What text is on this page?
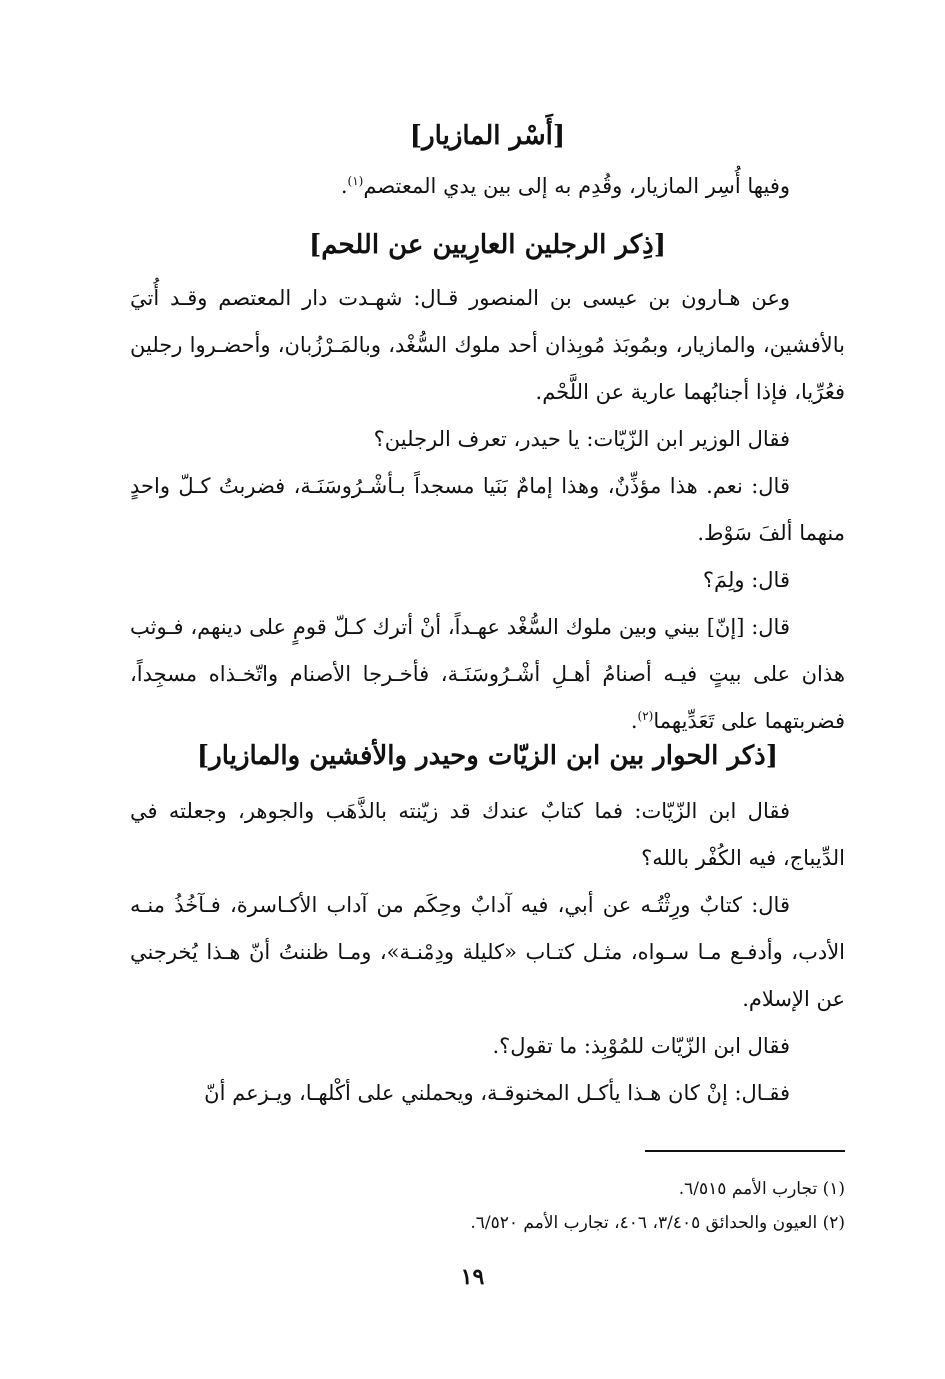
[أَسْر المازيار]
وفيها أُسِر المازيار، وقُدِم به إلى بين يدي المعتصم$^{(١)}$.
[ذِكر الرجلين العارِيين عن اللحم]
وعن هـارون بن عيسى بن المنصور قـال: شهـدت دار المعتصم وقـد أُتيَ بالأفشين، والمازيار، وبمُوبَذ مُوبِذان أحد ملوك السُّغْد، وبالمَـرْزُبان، وأحضـروا رجلين فعُرِّيا، فإذا أجنابُهما عارية عن اللَّحْم.
فقال الوزير ابن الزّيّات: يا حيدر، تعرف الرجلين؟
قال: نعم. هذا مؤذِّنٌ، وهذا إمامٌ بَنَيا مسجداً بـأشْـرُوسَنَـة، فضربتُ كـلّ واحدٍ منهما ألفَ سَوْط.
قال: ولِمَ؟
قال: [إنّ] بيني وبين ملوك السُّغْد عهـداً، أنْ أترك كـلّ قومٍ على دينهم، فـوثب هذان على بيتٍ فيـه أصنامُ أهـلِ أشْـرُوسَنَـة، فأخـرجا الأصنام واتّخـذاه مسجِداً، فضربتهما على تَعَدِّيهما$^{(٢)}$.
[ذكر الحوار بين ابن الزيّات وحيدر والأفشين والمازيار]
فقال ابن الزّيّات: فما كتابٌ عندك قد زيّنته بالذَّهَب والجوهر، وجعلته في الدِّيباج، فيه الكُفْر بالله؟
قال: كتابٌ ورِثْتُـه عن أبي، فيه آدابٌ وحِكَم من آداب الأكـاسرة، فـآخُذُ منـه الأدب، وأدفـع مـا سـواه، مثـل كتـاب «كليلة ودِمْنـة»، ومـا ظننتُ أنّ هـذا يُخرجني عن الإسلام.
فقال ابن الزّيّات للمُوْبِذ: ما تقول؟.
فقـال: إنْ كان هـذا يأكـل المخنوقـة، ويحملني على أكْلهـا، ويـزعم أنّ
(١) تجارب الأمم ٦/٥١٥.
(٢) العيون والحدائق ٣/٤٠٥، ٤٠٦، تجارب الأمم ٦/٥٢٠.
١٩
